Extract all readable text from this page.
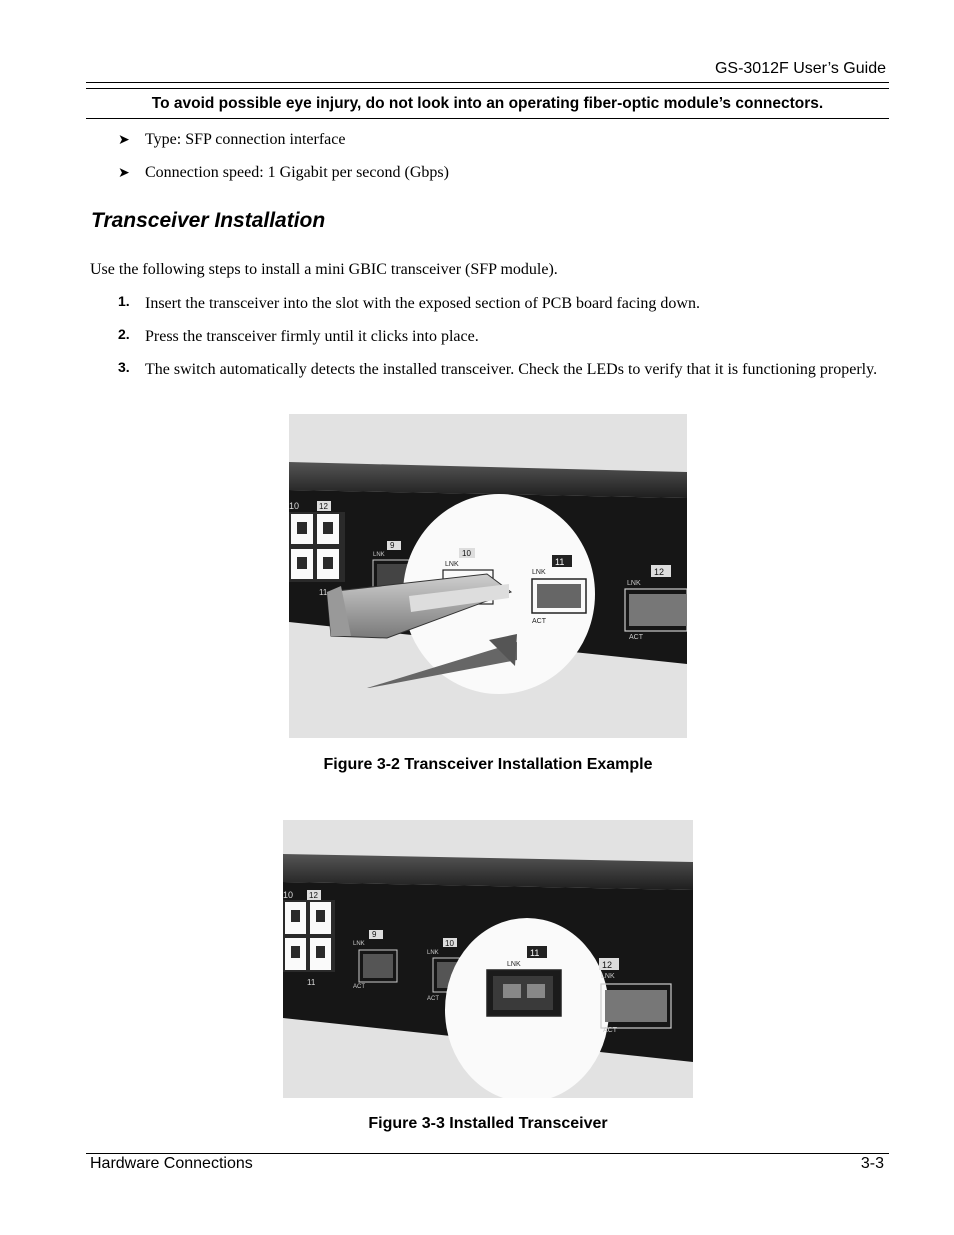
GS-3012F User’s Guide
To avoid possible eye injury, do not look into an operating fiber-optic module’s connectors.
➤ Type: SFP connection interface
➤ Connection speed: 1 Gigabit per second (Gbps)
Transceiver Installation
Use the following steps to install a mini GBIC transceiver (SFP module).
1. Insert the transceiver into the slot with the exposed section of PCB board facing down.
2. Press the transceiver firmly until it clicks into place.
3. The switch automatically detects the installed transceiver. Check the LEDs to verify that it is functioning properly.
10 12
11
9
LNK	10
LNK	11
LNK
ACT
12
LNK
ACT
Figure 3-2 Transceiver Installation Example
10 12
11
9
LNK
ACT
10
LNK
ACT
11
LNK	12
LNK
ACT
Figure 3-3 Installed Transceiver
Hardware Connections	3-3
